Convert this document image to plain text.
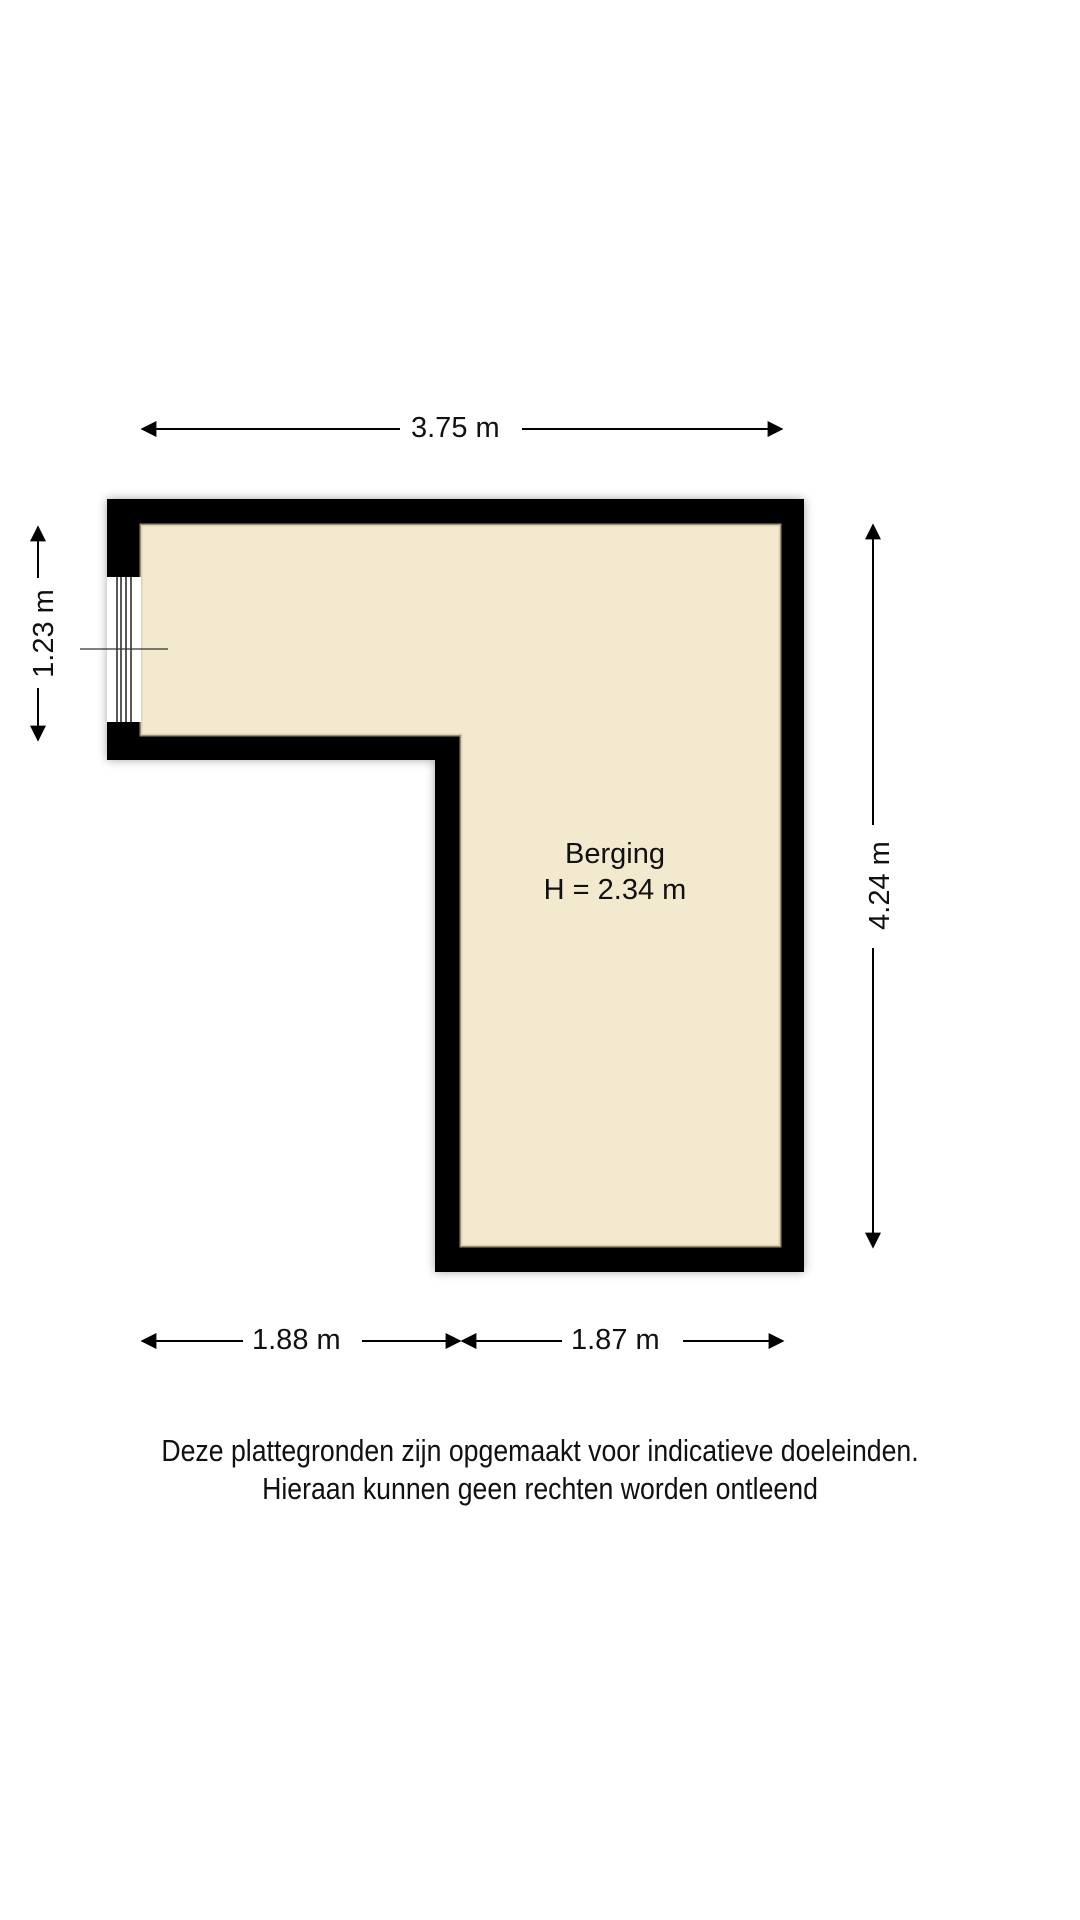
3.75 m
4.24 m
1.23 m
1.88 m	1.87 m
Berging
H = 2.34 m
Deze plattegronden zijn opgemaakt voor indicatieve doeleinden.
Hieraan kunnen geen rechten worden ontleend
